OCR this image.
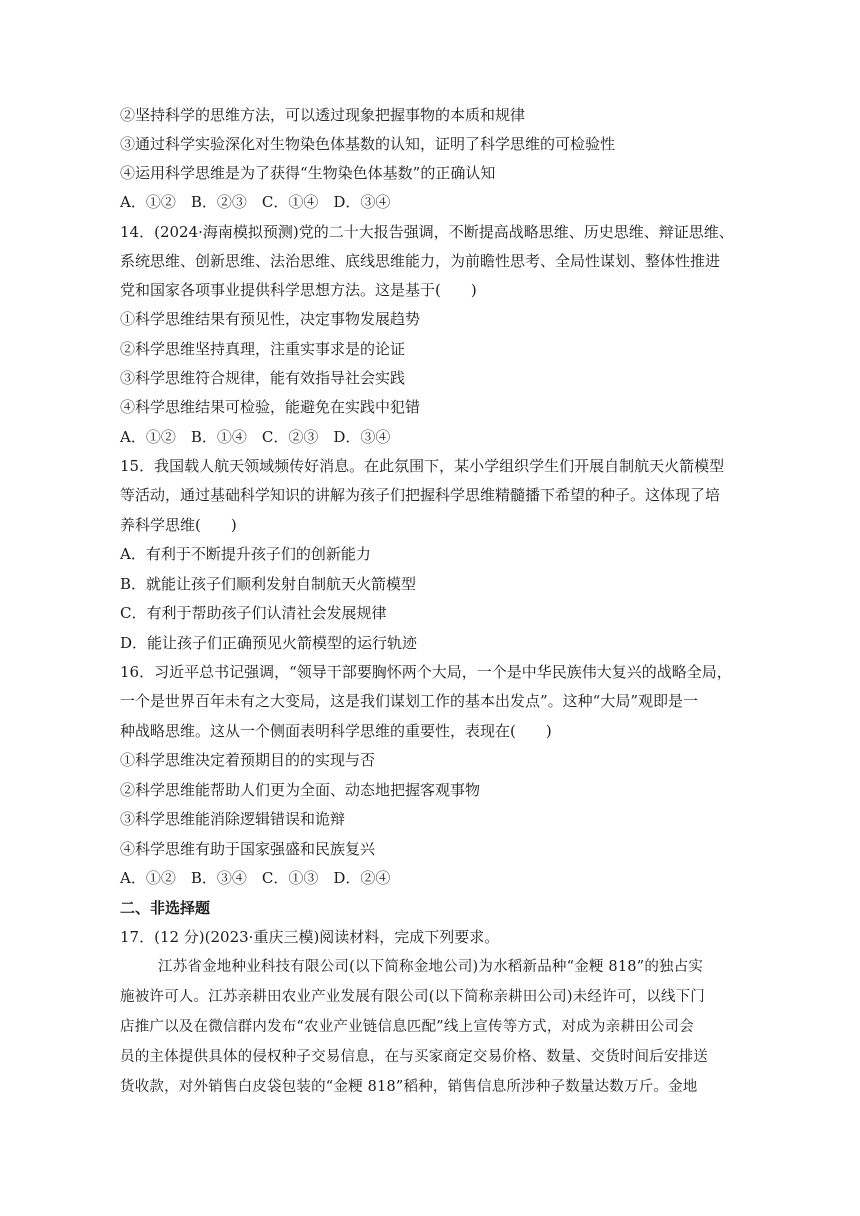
②坚持科学的思维方法，可以透过现象把握事物的本质和规律
③通过科学实验深化对生物染色体基数的认知，证明了科学思维的可检验性
④运用科学思维是为了获得“生物染色体基数”的正确认知
A．①②　B．②③　C．①④　D．③④
14．(2024·海南模拟预测)党的二十大报告强调，不断提高战略思维、历史思维、辩证思维、
系统思维、创新思维、法治思维、底线思维能力，为前瞻性思考、全局性谋划、整体性推进
党和国家各项事业提供科学思想方法。这是基于(　　)
①科学思维结果有预见性，决定事物发展趋势
②科学思维坚持真理，注重实事求是的论证
③科学思维符合规律，能有效指导社会实践
④科学思维结果可检验，能避免在实践中犯错
A．①②　B．①④　C．②③　D．③④
15．我国载人航天领域频传好消息。在此氛围下，某小学组织学生们开展自制航天火箭模型
等活动，通过基础科学知识的讲解为孩子们把握科学思维精髓播下希望的种子。这体现了培
养科学思维(　　)
A．有利于不断提升孩子们的创新能力
B．就能让孩子们顺利发射自制航天火箭模型
C．有利于帮助孩子们认清社会发展规律
D．能让孩子们正确预见火箭模型的运行轨迹
16．习近平总书记强调，“领导干部要胸怀两个大局，一个是中华民族伟大复兴的战略全局，
一个是世界百年未有之大变局，这是我们谋划工作的基本出发点”。这种“大局”观即是一
种战略思维。这从一个侧面表明科学思维的重要性，表现在(　　)
①科学思维决定着预期目的的实现与否
②科学思维能帮助人们更为全面、动态地把握客观事物
③科学思维能消除逻辑错误和诡辩
④科学思维有助于国家强盛和民族复兴
A．①②　B．③④　C．①③　D．②④
二、非选择题
17．(12 分)(2023·重庆三模)阅读材料，完成下列要求。
江苏省金地种业科技有限公司(以下简称金地公司)为水稻新品种“金粳 818”的独占实
施被许可人。江苏亲耕田农业产业发展有限公司(以下简称亲耕田公司)未经许可，以线下门
店推广以及在微信群内发布“农业产业链信息匹配”线上宣传等方式，对成为亲耕田公司会
员的主体提供具体的侵权种子交易信息，在与买家商定交易价格、数量、交货时间后安排送
货收款，对外销售白皮袋包装的“金粳 818”稻种，销售信息所涉种子数量达数万斤。金地
